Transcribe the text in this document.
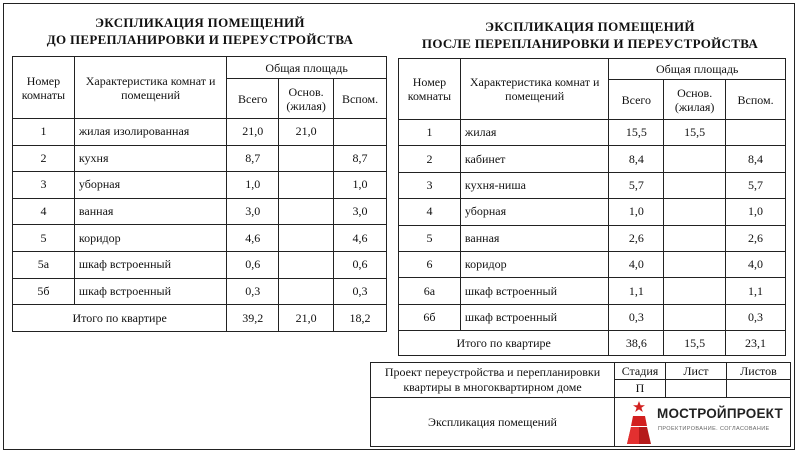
ЭКСПЛИКАЦИЯ ПОМЕЩЕНИЙ
ДО ПЕРЕПЛАНИРОВКИ И ПЕРЕУСТРОЙСТВА
ЭКСПЛИКАЦИЯ ПОМЕЩЕНИЙ
ПОСЛЕ ПЕРЕПЛАНИРОВКИ И ПЕРЕУСТРОЙСТВА
Номер комнаты	Характеристика комнат и помещений	Общая площадь		
		Всего	Основ. (жилая)	Вспом.
1	жилая изолированная	21,0	21,0	
2	кухня	8,7		8,7
3	уборная	1,0		1,0
4	ванная	3,0		3,0
5	коридор	4,6		4,6
5а	шкаф встроенный	0,6		0,6
5б	шкаф встроенный	0,3		0,3
Итого по квартире		39,2	21,0	18,2
Номер комнаты	Характеристика комнат и помещений	Общая площадь		
		Всего	Основ. (жилая)	Вспом.
1	жилая	15,5	15,5	
2	кабинет	8,4		8,4
3	кухня-ниша	5,7		5,7
4	уборная	1,0		1,0
5	ванная	2,6		2,6
6	коридор	4,0		4,0
6а	шкаф встроенный	1,1		1,1
6б	шкаф встроенный	0,3		0,3
Итого по квартире		38,6	15,5	23,1
Проект переустройства и перепланировки квартиры в многоквартирном доме
Стадия	Лист	Листов
П
Экспликация помещений
МОСТРОЙПРОЕКТ
ПРОЕКТИРОВАНИЕ. СОГЛАСОВАНИЕ
